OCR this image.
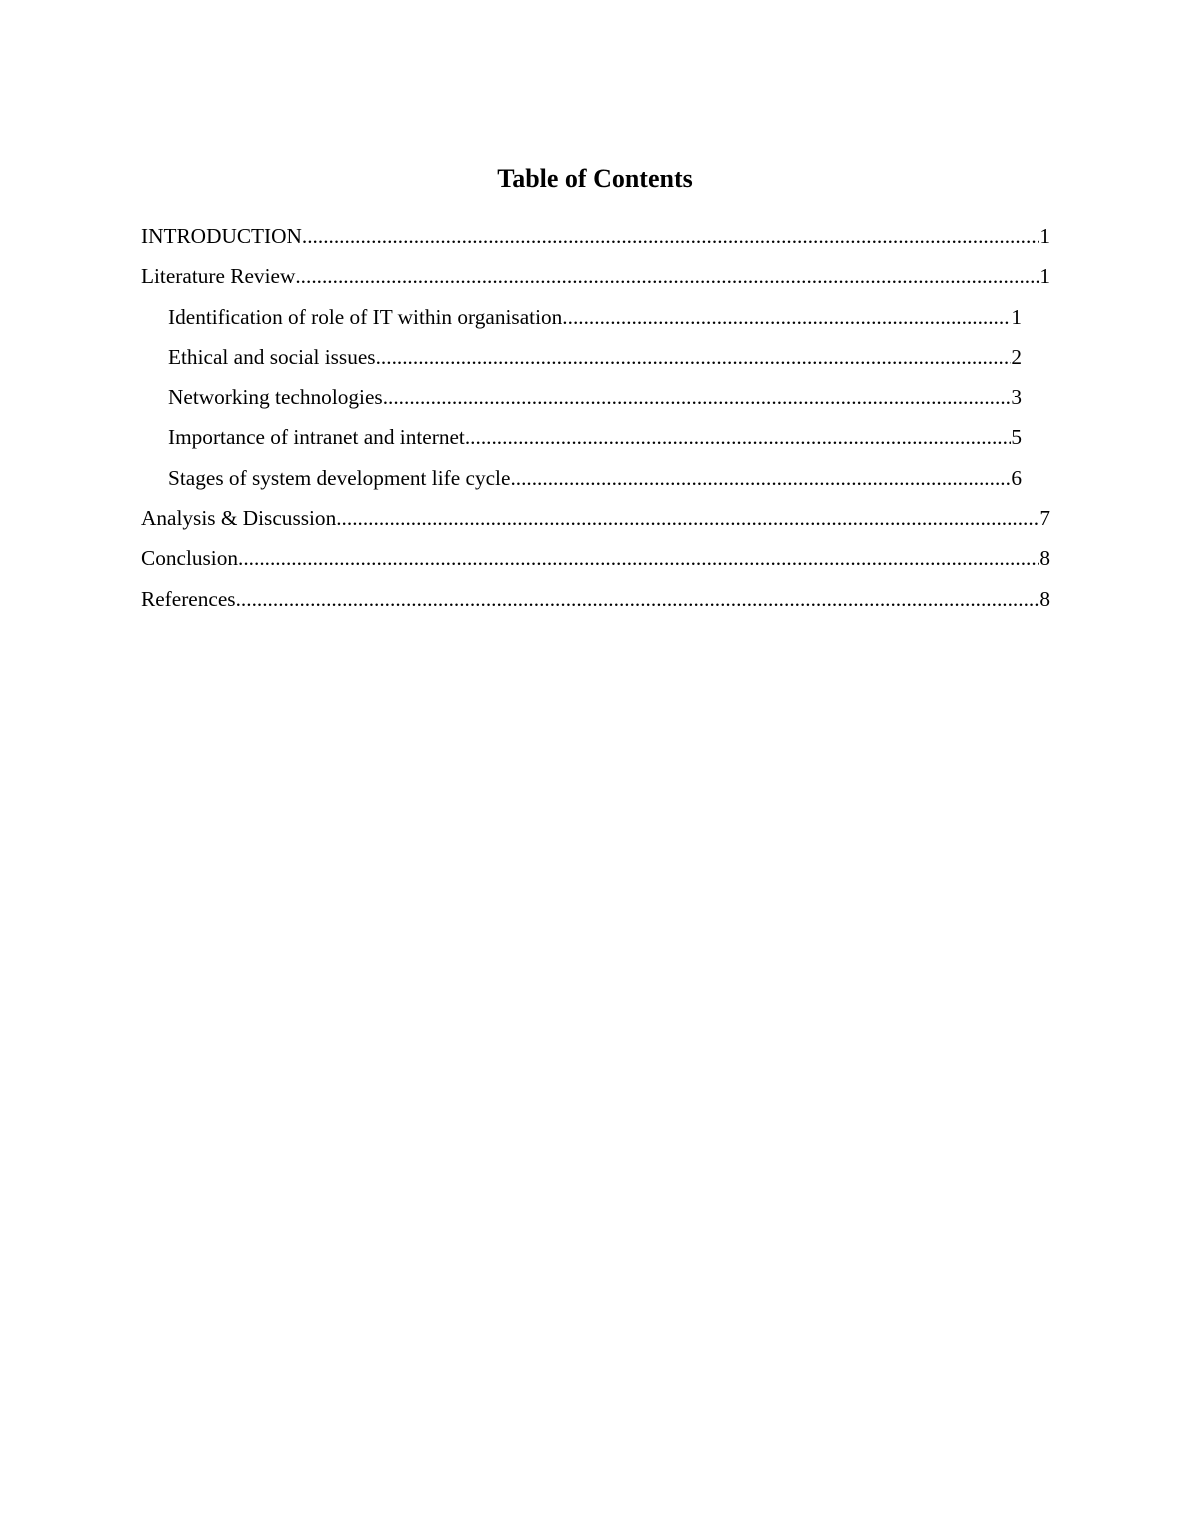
Table of Contents
INTRODUCTION .....	1
Literature Review .....	1
Identification of role of IT within organisation .....	1
Ethical and social issues .....	2
Networking technologies .....	3
Importance of intranet and internet .....	5
Stages of system development life cycle .....	6
Analysis & Discussion .....	7
Conclusion .....	8
References .....	8
